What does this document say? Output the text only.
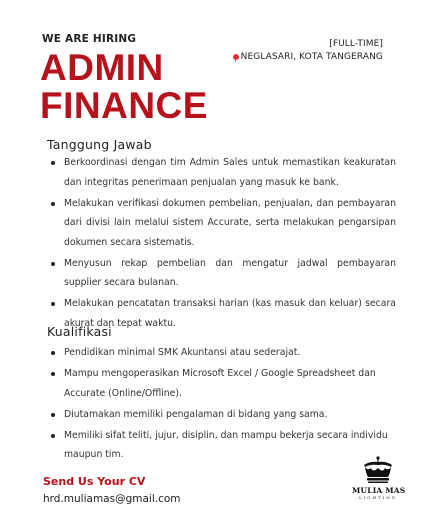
WE ARE HIRING
ADMIN
FINANCE
[FULL-TIME]
NEGLASARI, KOTA TANGERANG
Tanggung Jawab
Berkoordinasi dengan tim Admin Sales untuk memastikan keakuratan dan integritas penerimaan penjualan yang masuk ke bank.
Melakukan verifikasi dokumen pembelian, penjualan, dan pembayaran dari divisi lain melalui sistem Accurate, serta melakukan pengarsipan dokumen secara sistematis.
Menyusun rekap pembelian dan mengatur jadwal pembayaran supplier secara bulanan.
Melakukan pencatatan transaksi harian (kas masuk dan keluar) secara akurat dan tepat waktu.
Kualifikasi
Pendidikan minimal SMK Akuntansi atau sederajat.
Mampu mengoperasikan Microsoft Excel / Google Spreadsheet dan Accurate (Online/Offline).
Diutamakan memiliki pengalaman di bidang yang sama.
Memiliki sifat teliti, jujur, disiplin, dan mampu bekerja secara individu maupun tim.
Send Us Your CV
hrd.muliamas@gmail.com
MULIA MAS
LIGHTING
